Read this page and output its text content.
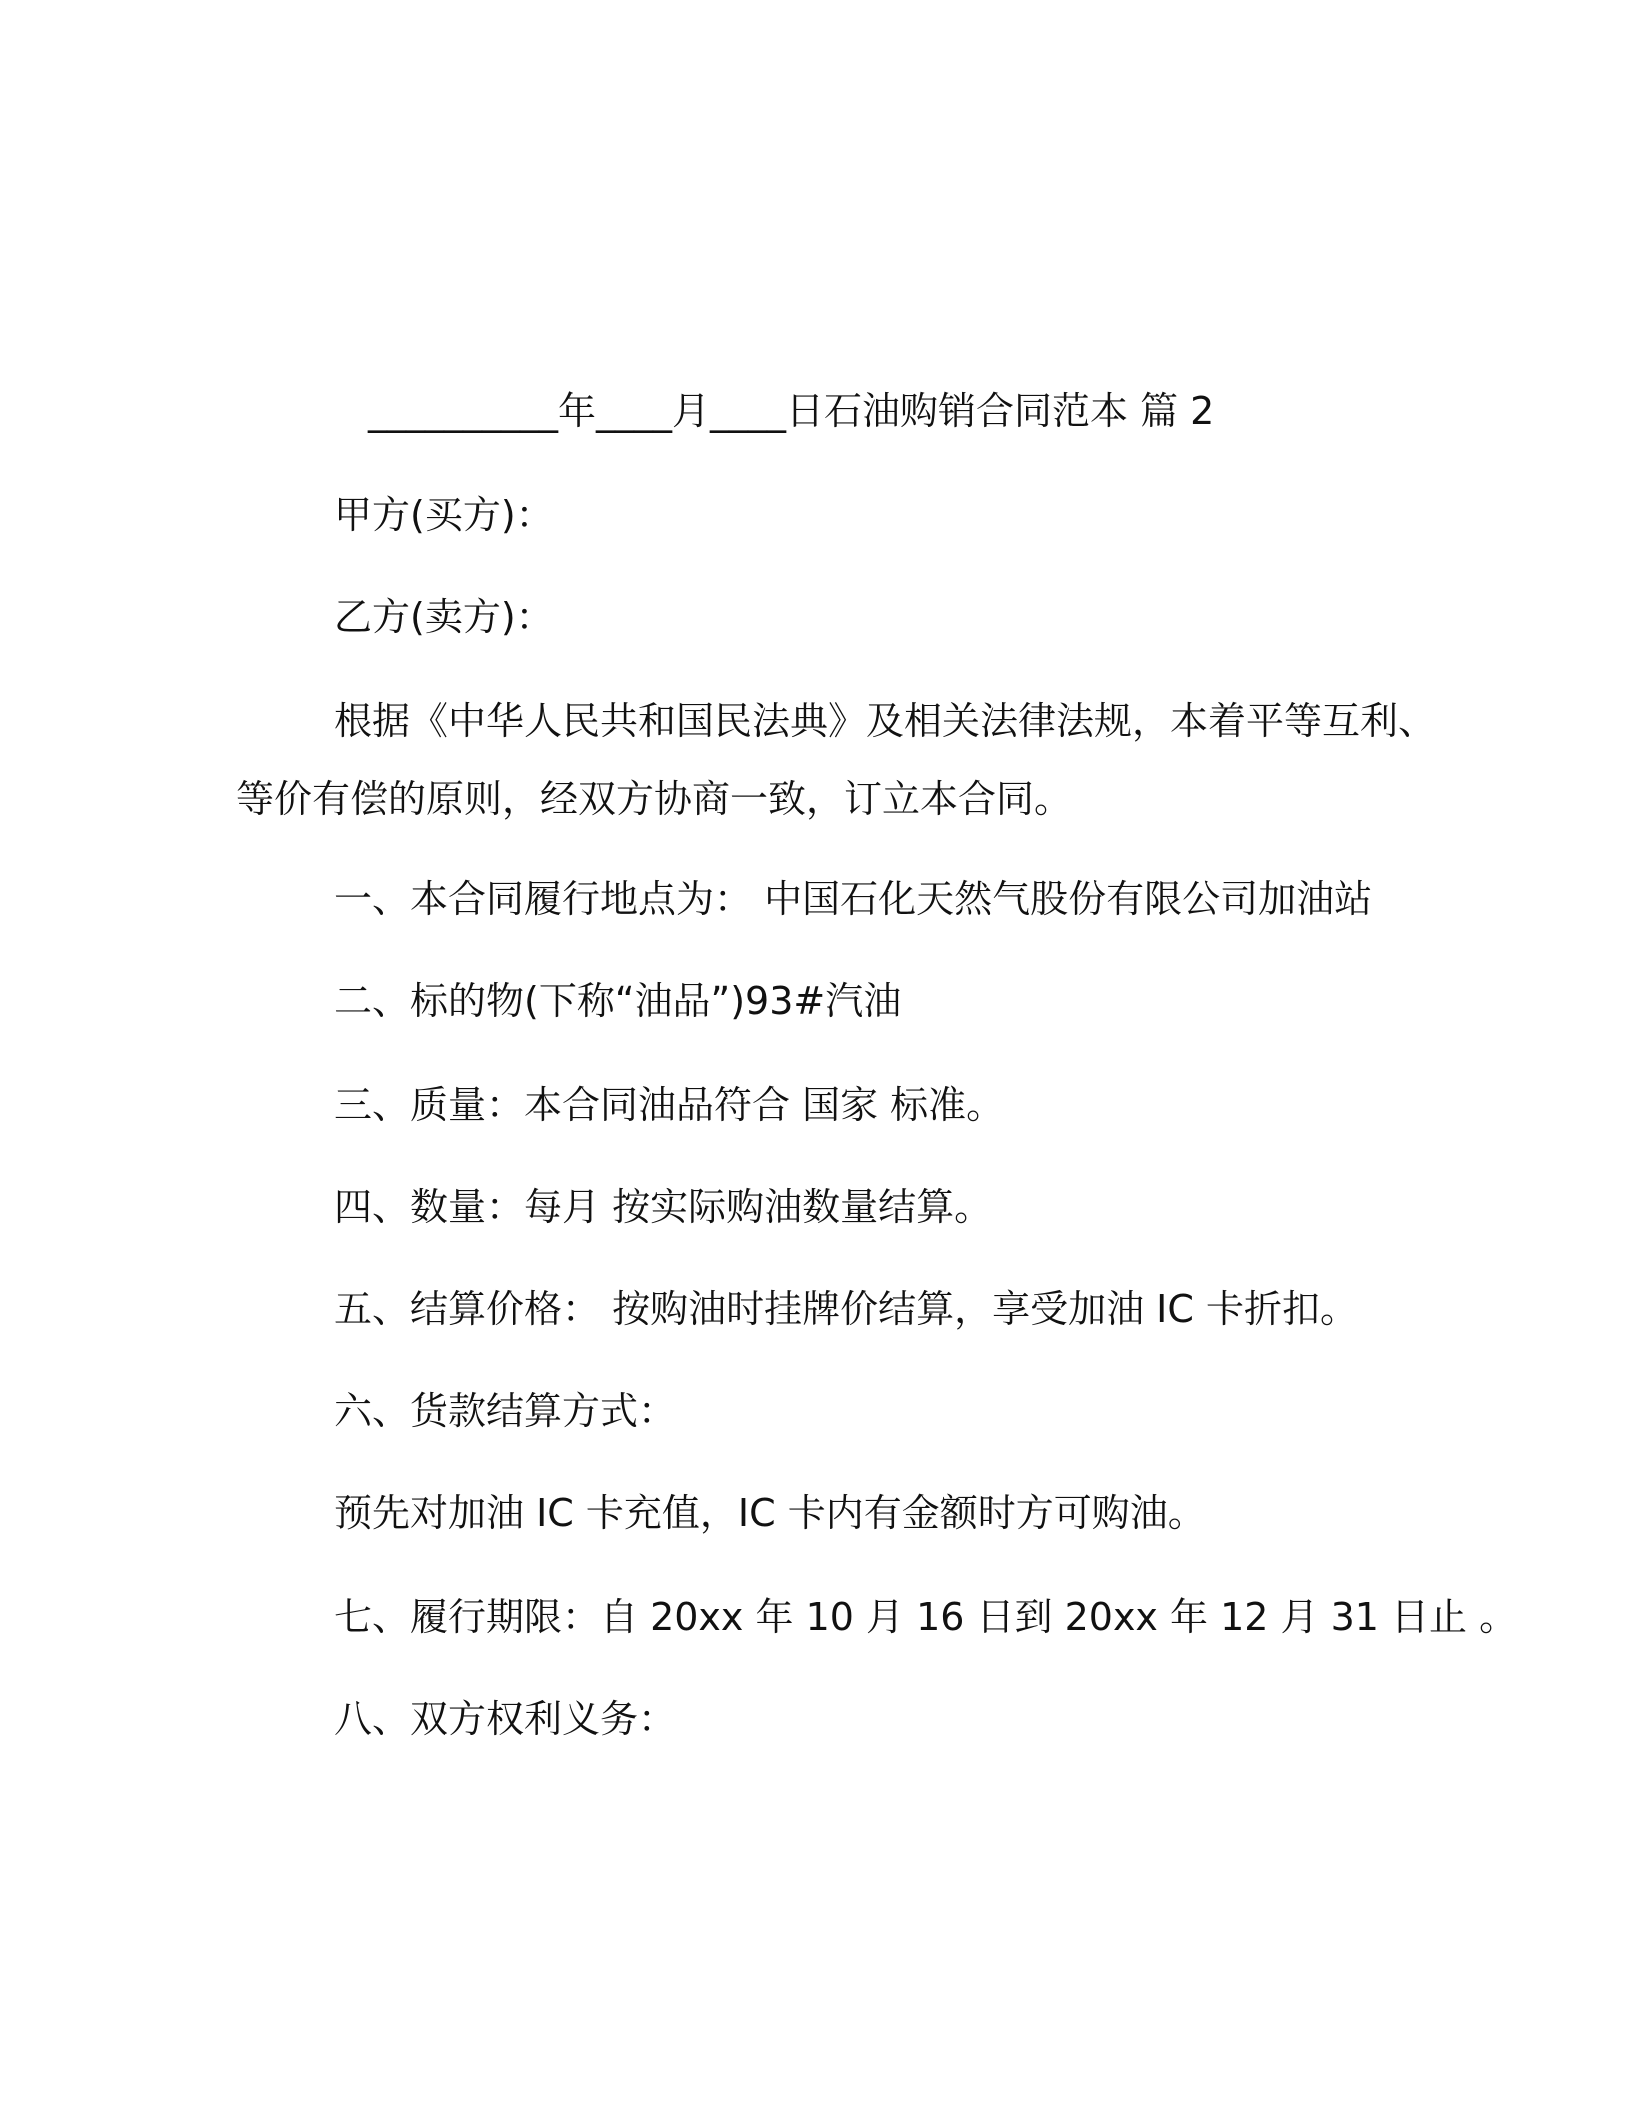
__________年____月____日石油购销合同范本 篇 2
甲方(买方)：
乙方(卖方)：
根据《中华人民共和国民法典》及相关法律法规，本着平等互利、
等价有偿的原则，经双方协商一致，订立本合同。
一、本合同履行地点为： 中国石化天然气股份有限公司加油站
二、标的物(下称“油品”)93#汽油
三、质量：本合同油品符合 国家 标准。
四、数量：每月 按实际购油数量结算。
五、结算价格： 按购油时挂牌价结算，享受加油 IC 卡折扣。
六、货款结算方式：
预先对加油 IC 卡充值，IC 卡内有金额时方可购油。
七、履行期限：自 20xx 年 10 月 16 日到 20xx 年 12 月 31 日止 。
八、双方权利义务：
